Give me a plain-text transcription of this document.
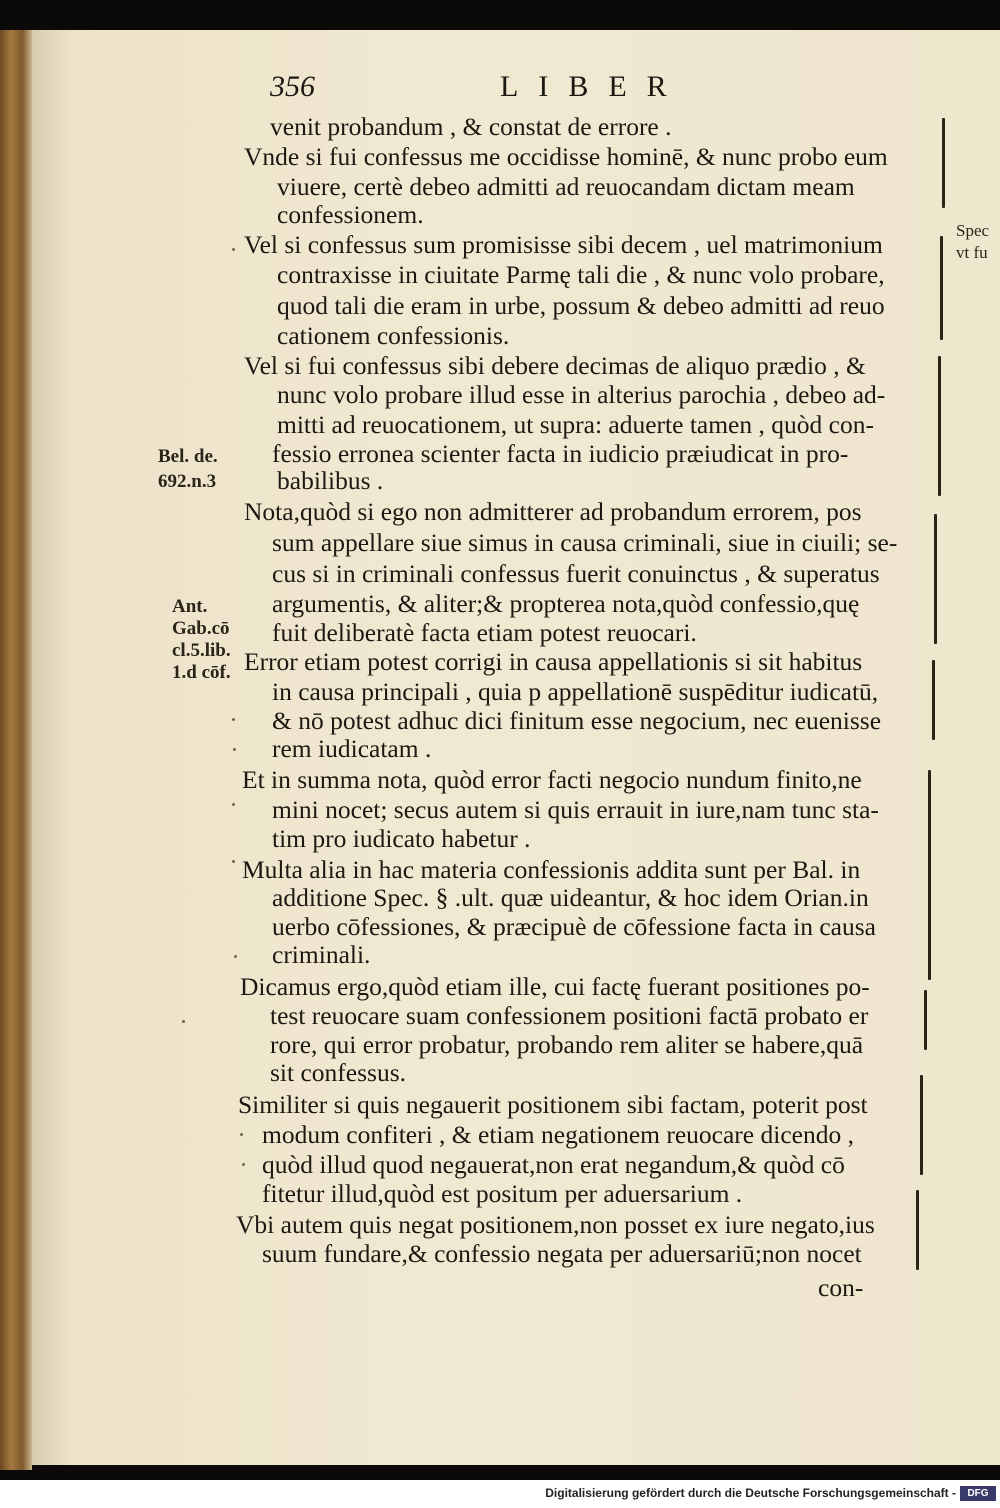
356	LIBER
venit probandum , & constat de errore .
Vnde si fui confessus me occidisse hominē, & nunc probo eum
viuere, certè debeo admitti ad reuocandam dictam meam
confessionem.
Vel si confessus sum promisisse sibi decem , uel matrimonium
contraxisse in ciuitate Parmę tali die , & nunc volo probare,
quod tali die eram in urbe, possum & debeo admitti ad reuo
cationem confessionis.
Vel si fui confessus sibi debere decimas de aliquo prædio , &
nunc volo probare illud esse in alterius parochia , debeo ad-
mitti ad reuocationem, ut supra: aduerte tamen , quòd con-
fessio erronea scienter facta in iudicio præiudicat in pro-
babilibus .
Nota,quòd si ego non admitterer ad probandum errorem, pos
sum appellare siue simus in causa criminali, siue in ciuili; se-
cus si in criminali confessus fuerit conuinctus , & superatus
argumentis, & aliter;& propterea nota,quòd confessio,quę
fuit deliberatè facta etiam potest reuocari.
Error etiam potest corrigi in causa appellationis si sit habitus
in causa principali , quia p appellationē suspēditur iudicatū,
& nō potest adhuc dici finitum esse negocium, nec euenisse
rem iudicatam .
Et in summa nota, quòd error facti negocio nundum finito,ne
mini nocet; secus autem si quis errauit in iure,nam tunc sta-
tim pro iudicato habetur .
Multa alia in hac materia confessionis addita sunt per Bal. in
additione Spec. § .ult. quæ uideantur, & hoc idem Orian.in
uerbo cōfessiones, & præcipuè de cōfessione facta in causa
criminali.
Dicamus ergo,quòd etiam ille, cui factę fuerant positiones po-
test reuocare suam confessionem positioni factā probato er
rore, qui error probatur, probando rem aliter se habere,quā
sit confessus.
Similiter si quis negauerit positionem sibi factam, poterit post
modum confiteri , & etiam negationem reuocare dicendo ,
quòd illud quod negauerat,non erat negandum,& quòd cō
fitetur illud,quòd est positum per aduersarium .
Vbi autem quis negat positionem,non posset ex iure negato,ius
suum fundare,& confessio negata per aduersariū;non nocet
con-
Bel. de.
692.n.3
Ant.
Gab.cō
cl.5.lib.
1.d cōf.
Spec
vt fu
Digitalisierung gefördert durch die Deutsche Forschungsgemeinschaft -	DFG
